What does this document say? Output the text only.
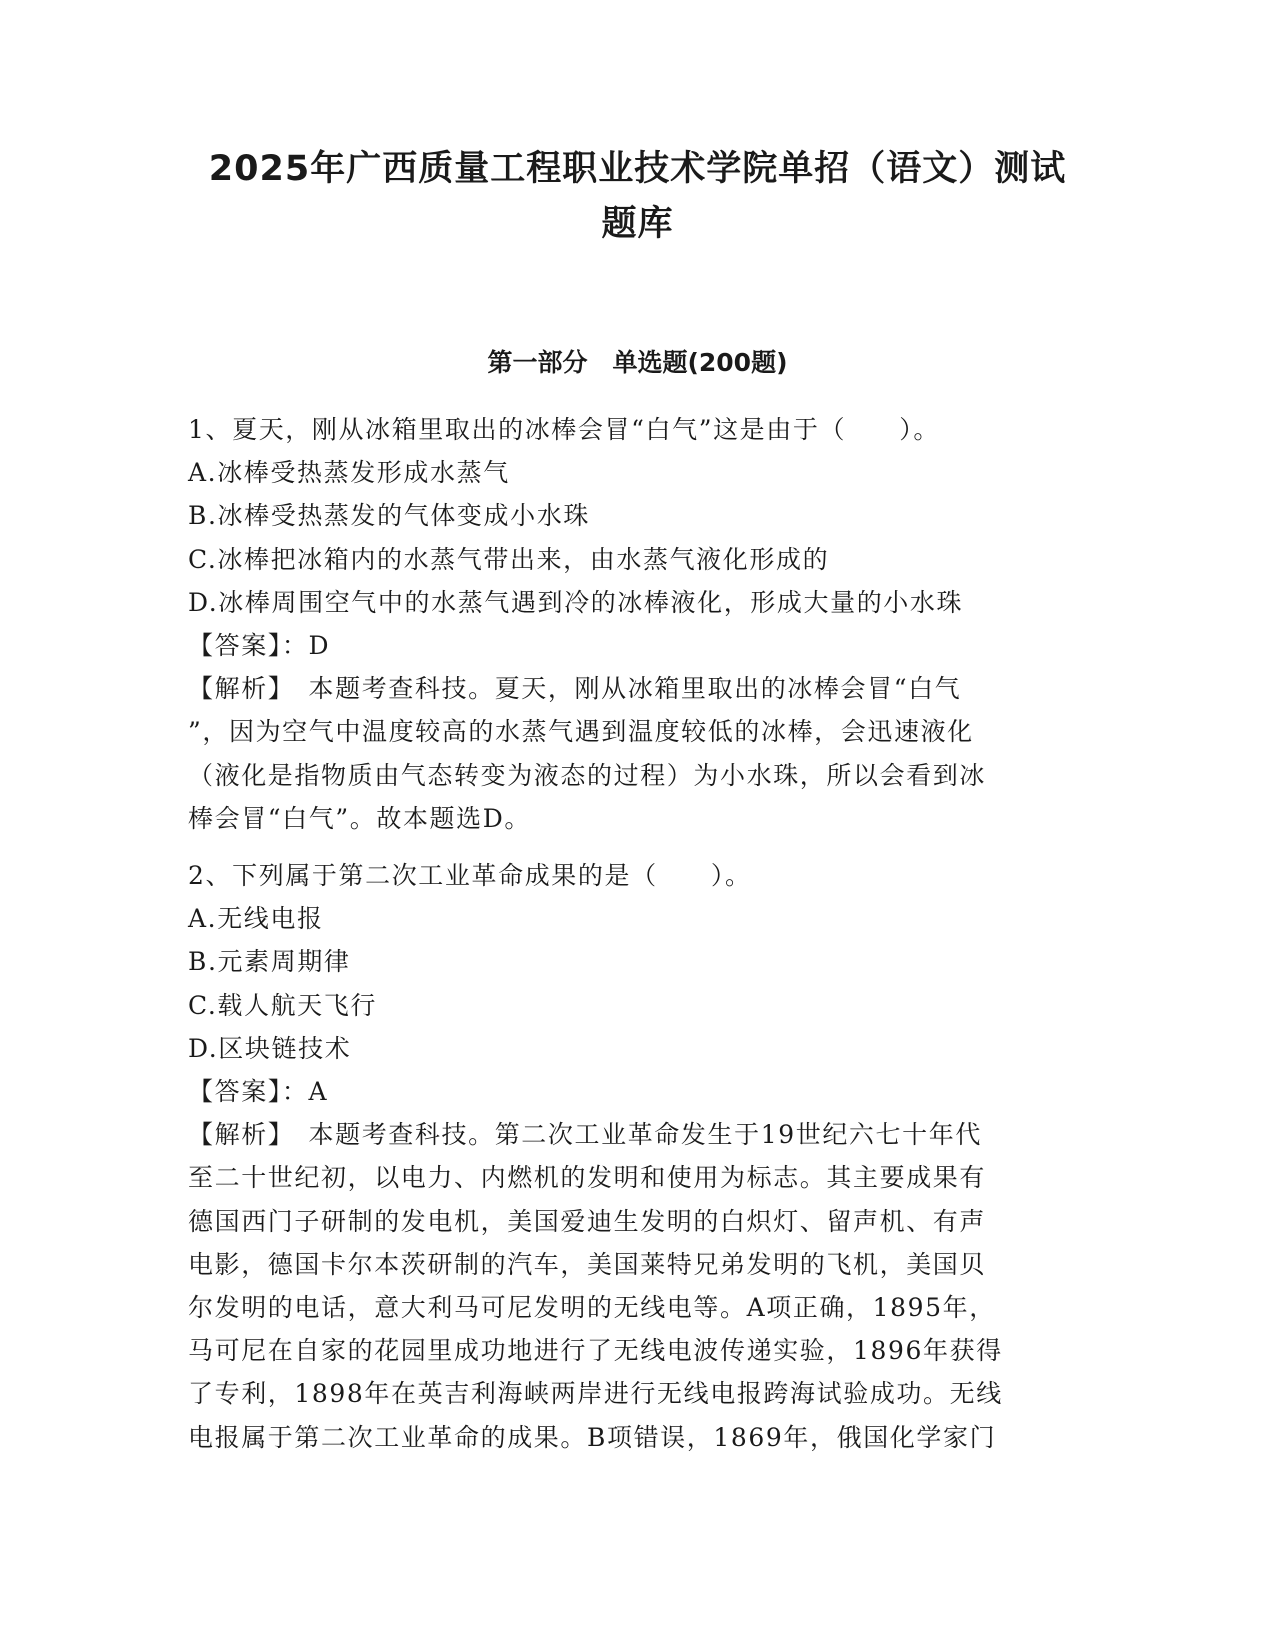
2025年广西质量工程职业技术学院单招（语文）测试
题库
第一部分　单选题(200题)
1、夏天，刚从冰箱里取出的冰棒会冒“白气”这是由于（　　）。
A.冰棒受热蒸发形成水蒸气
B.冰棒受热蒸发的气体变成小水珠
C.冰棒把冰箱内的水蒸气带出来，由水蒸气液化形成的
D.冰棒周围空气中的水蒸气遇到冷的冰棒液化，形成大量的小水珠
【答案】：D
【解析】　本题考查科技。夏天，刚从冰箱里取出的冰棒会冒“白气
”，因为空气中温度较高的水蒸气遇到温度较低的冰棒，会迅速液化
（液化是指物质由气态转变为液态的过程）为小水珠，所以会看到冰
棒会冒“白气”。故本题选D。
2、下列属于第二次工业革命成果的是（　　）。
A.无线电报
B.元素周期律
C.载人航天飞行
D.区块链技术
【答案】：A
【解析】　本题考查科技。第二次工业革命发生于19世纪六七十年代
至二十世纪初，以电力、内燃机的发明和使用为标志。其主要成果有
德国西门子研制的发电机，美国爱迪生发明的白炽灯、留声机、有声
电影，德国卡尔本茨研制的汽车，美国莱特兄弟发明的飞机，美国贝
尔发明的电话，意大利马可尼发明的无线电等。A项正确，1895年，
马可尼在自家的花园里成功地进行了无线电波传递实验，1896年获得
了专利，1898年在英吉利海峡两岸进行无线电报跨海试验成功。无线
电报属于第二次工业革命的成果。B项错误，1869年，俄国化学家门
